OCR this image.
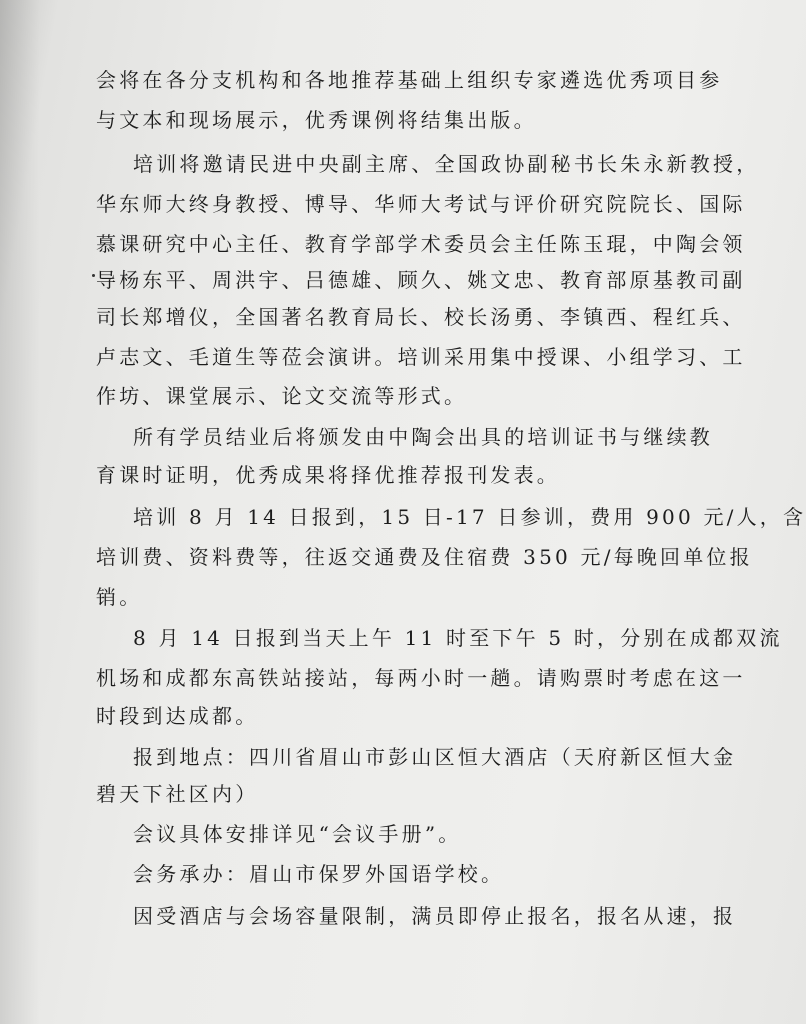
会将在各分支机构和各地推荐基础上组织专家遴选优秀项目参
与文本和现场展示，优秀课例将结集出版。
培训将邀请民进中央副主席、全国政协副秘书长朱永新教授，
华东师大终身教授、博导、华师大考试与评价研究院院长、国际
慕课研究中心主任、教育学部学术委员会主任陈玉琨，中陶会领
导杨东平、周洪宇、吕德雄、顾久、姚文忠、教育部原基教司副
司长郑增仪，全国著名教育局长、校长汤勇、李镇西、程红兵、
卢志文、毛道生等莅会演讲。培训采用集中授课、小组学习、工
作坊、课堂展示、论文交流等形式。
所有学员结业后将颁发由中陶会出具的培训证书与继续教
育课时证明，优秀成果将择优推荐报刊发表。
培训 8 月 14 日报到，15 日-17 日参训，费用 900 元/人，含
培训费、资料费等，往返交通费及住宿费 350 元/每晚回单位报
销。
8 月 14 日报到当天上午 11 时至下午 5 时，分别在成都双流
机场和成都东高铁站接站，每两小时一趟。请购票时考虑在这一
时段到达成都。
报到地点：四川省眉山市彭山区恒大酒店（天府新区恒大金
碧天下社区内）
会议具体安排详见“会议手册”。
会务承办：眉山市保罗外国语学校。
因受酒店与会场容量限制，满员即停止报名，报名从速，报
